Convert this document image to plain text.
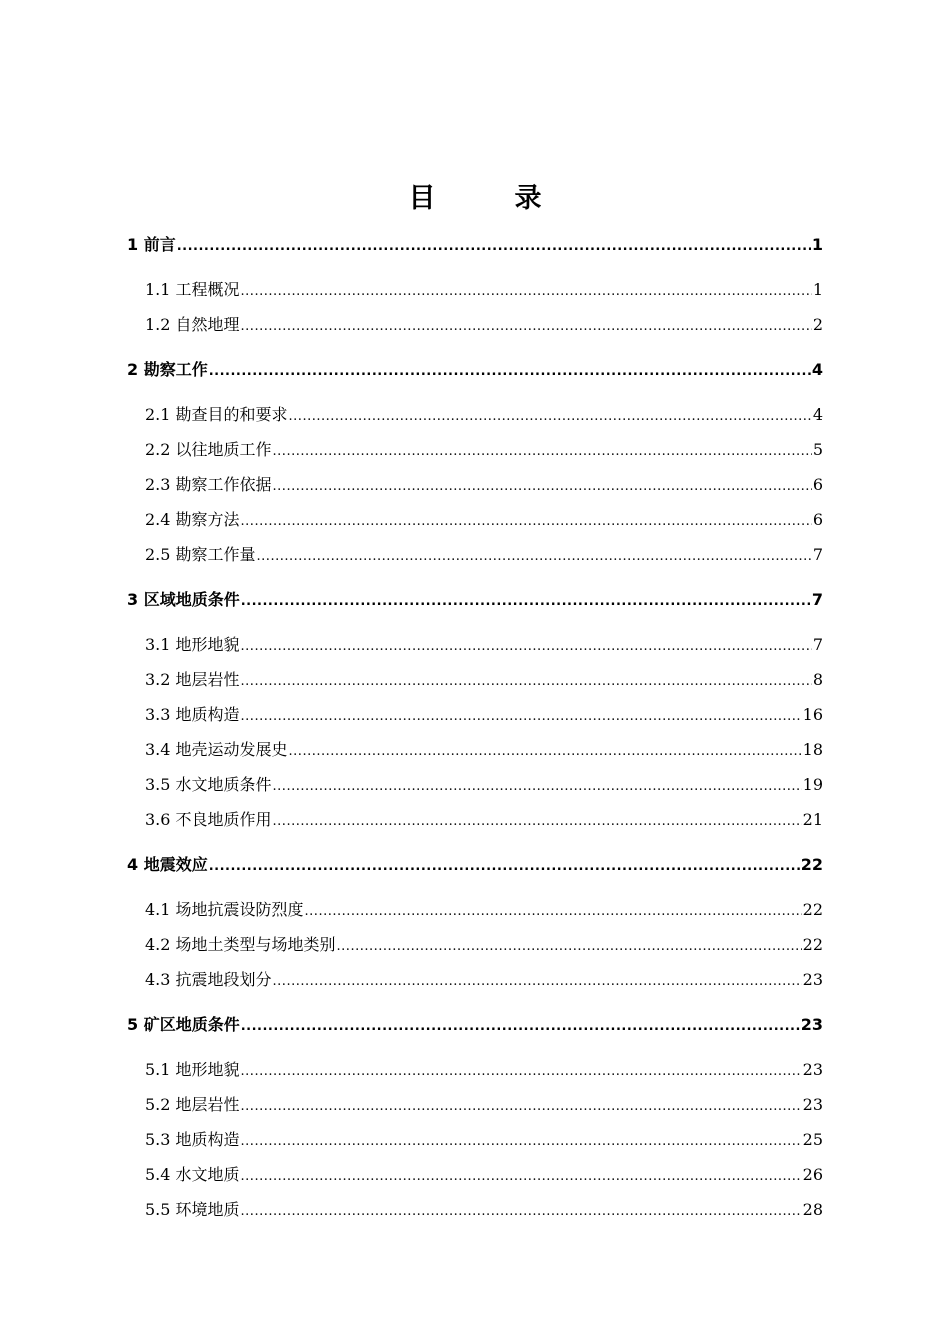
目　录
1 前言 .....	1
1.1 工程概况 .....	1
1.2 自然地理 .....	2
2 勘察工作 .....	4
2.1 勘查目的和要求 .....	4
2.2 以往地质工作 .....	5
2.3 勘察工作依据 .....	6
2.4 勘察方法 .....	6
2.5 勘察工作量 .....	7
3 区域地质条件 .....	7
3.1 地形地貌 .....	7
3.2 地层岩性 .....	8
3.3 地质构造 .....	16
3.4 地壳运动发展史 .....	18
3.5 水文地质条件 .....	19
3.6 不良地质作用 .....	21
4 地震效应 .....	22
4.1 场地抗震设防烈度 .....	22
4.2 场地土类型与场地类别 .....	22
4.3 抗震地段划分 .....	23
5 矿区地质条件 .....	23
5.1 地形地貌 .....	23
5.2 地层岩性 .....	23
5.3 地质构造 .....	25
5.4 水文地质 .....	26
5.5 环境地质 .....	28
